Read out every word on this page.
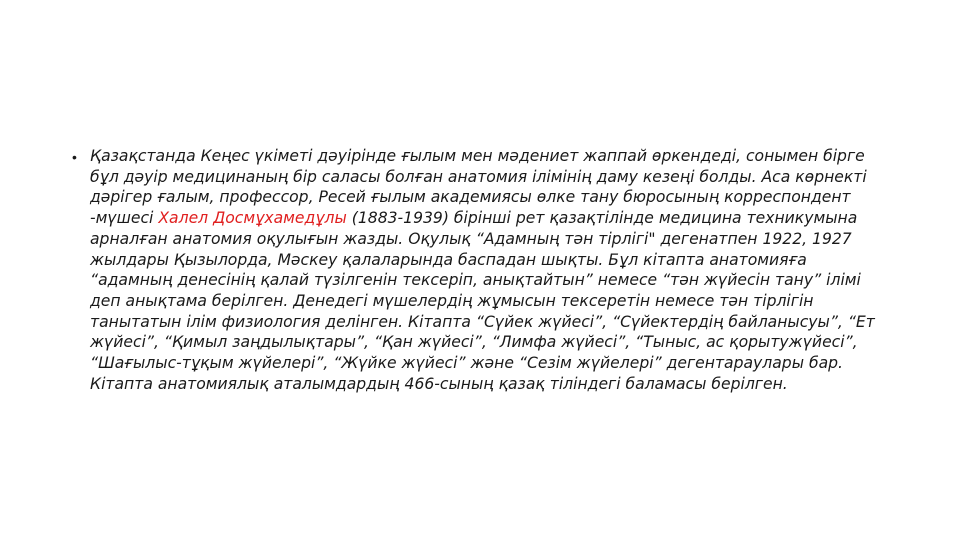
• Қазақстанда Кеңес үкіметі дәуірінде ғылым мен мәдениет жаппай өркендеді, сонымен бірге бұл дәуір медицинаның бір саласы болған анатомия ілімінің даму кезеңі болды. Аса көрнекті дәрігер ғалым, профессор, Ресей ғылым академиясы өлке тану бюросының корреспондент -мүшесі Халел Досмұхамедұлы (1883-1939) бірінші рет қазақтілінде медицина техникумына арналған анатомия оқулығын жазды. Оқулық “Адамның тән тірлігі" дегенатпен 1922, 1927 жылдары Қызылорда, Мәскеу қалаларында баспадан шықты. Бұл кітапта анатомияға “адамның денесінің қалай түзілгенін тексеріп, анықтайтын” немесе “тән жүйесін тану” ілімі деп анықтама берілген. Денедегі мүшелердің жұмысын тексеретін немесе тән тірлігін танытатын ілім физиология делінген. Кітапта “Сүйек жүйесі”, “Сүйектердің байланысуы”, “Ет жүйесі”, “Қимыл заңдылықтары”, “Қан жүйесі”, “Лимфа жүйесі”, “Тыныс, ас қорытужүйесі”, “Шағылыс-тұқым жүйелері”, “Жүйке жүйесі” және “Сезім жүйелері” дегентараулары бар. Кітапта анатомиялық аталымдардың 466-сының қазақ тіліндегі баламасы берілген.
